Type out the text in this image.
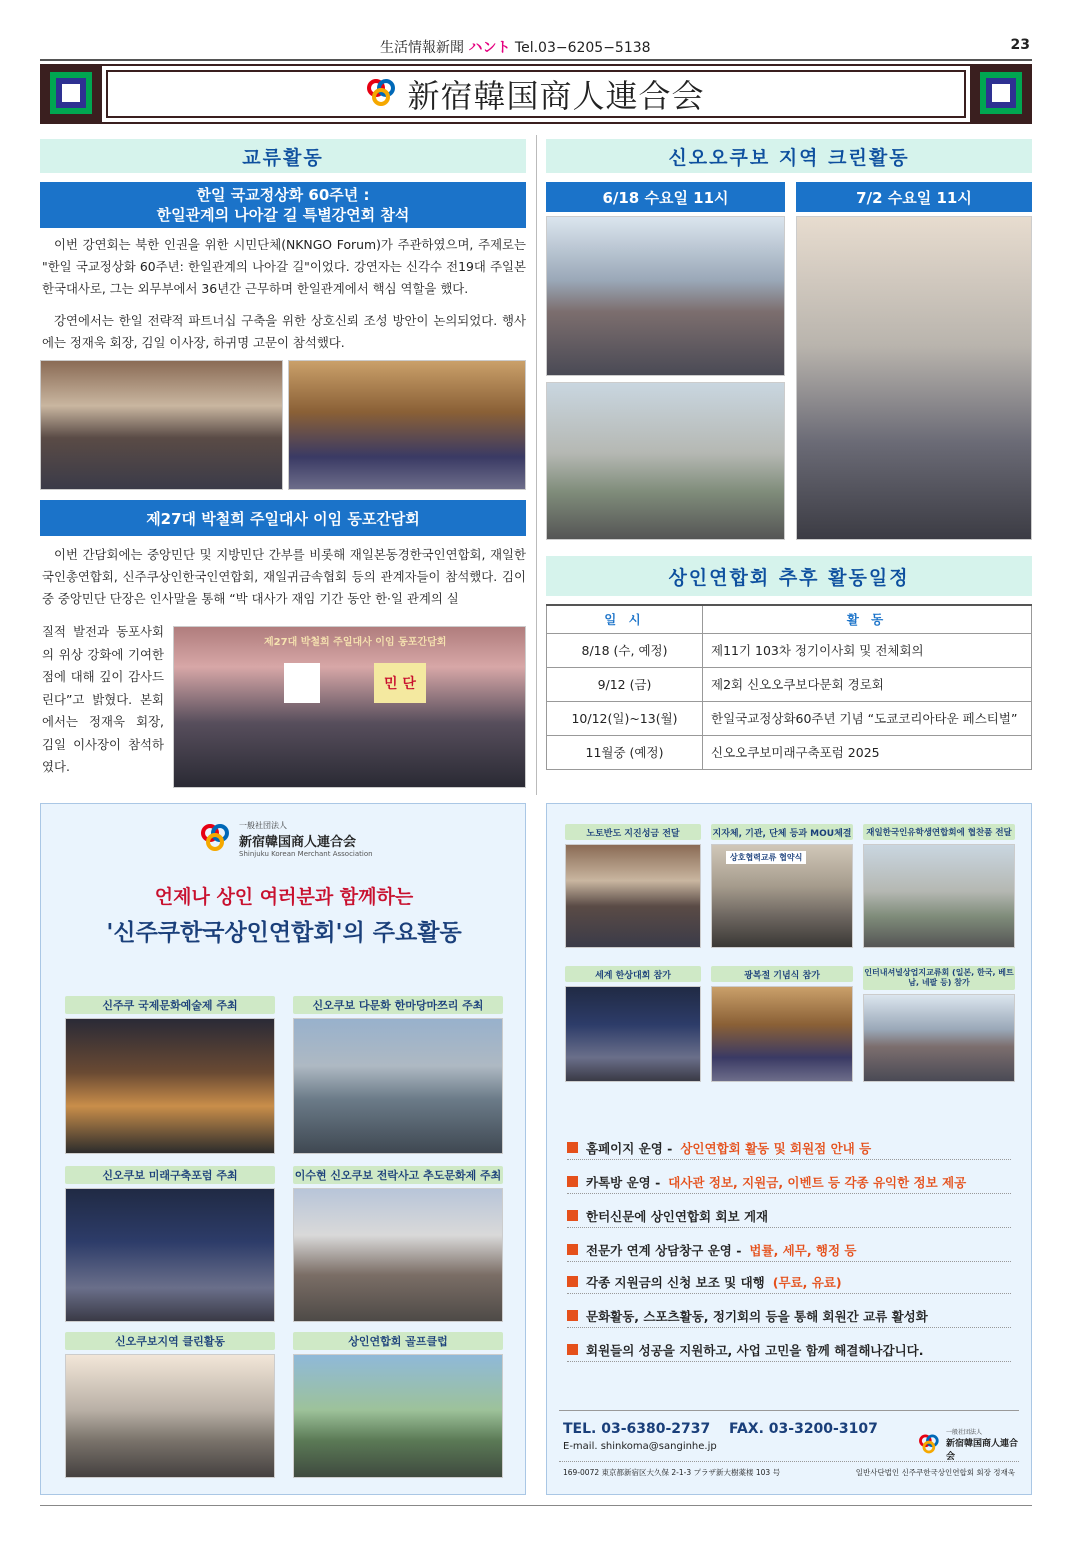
生活情報新聞 ハント Tel.03−6205−5138	23
新宿韓国商人連合会
교류활동
한일 국교정상화 60주년 :
한일관계의 나아갈 길 특별강연회 참석
이번 강연회는 북한 인권을 위한 시민단체(NKNGO Forum)가 주관하였으며, 주제로는 "한일 국교정상화 60주년: 한일관계의 나아갈 길"이었다. 강연자는 신각수 전19대 주일본 한국대사로, 그는 외무부에서 36년간 근무하며 한일관계에서 핵심 역할을 했다.
강연에서는 한일 전략적 파트너십 구축을 위한 상호신뢰 조성 방안이 논의되었다. 행사에는 정재욱 회장, 김일 이사장, 하귀명 고문이 참석했다.
제27대 박철희 주일대사 이임 동포간담회
이번 간담회에는 중앙민단 및 지방민단 간부를 비롯해 재일본동경한국인연합회, 재일한국인총연합회, 신주쿠상인한국인연합회, 재일귀금속협회 등의 관계자들이 참석했다. 김이중 중앙민단 단장은 인사말을 통해 “박 대사가 재임 기간 동안 한·일 관계의 실
질적 발전과 동포사회의 위상 강화에 기여한 점에 대해 깊이 감사드린다”고 밝혔다. 본회에서는 정재욱 회장, 김일 이사장이 참석하였다.
제27대 박철희 주일대사 이임 동포간담회
민 단
신오오쿠보 지역 크린활동
6/18 수요일 11시	7/2 수요일 11시
상인연합회 추후 활동일정
일 시	활 동
8/18 (수, 예정)	제11기 103차 정기이사회 및 전체회의
9/12 (금)	제2회 신오오쿠보다문회 경로회
10/12(일)~13(월)	한일국교정상화60주년 기념 “도쿄코리아타운 페스티벌”
11월중 (예정)	신오오쿠보미래구축포럼 2025
一般社団法人
新宿韓国商人連合会
Shinjuku Korean Merchant Association
언제나 상인 여러분과 함께하는
'신주쿠한국상인연합회'의 주요활동
신주쿠 국제문화예술제 주최	신오쿠보 다문화 한마당마쯔리 주최
신오쿠보 미래구축포럼 주최	이수현 신오쿠보 전락사고 추도문화제 주최
신오쿠보지역 클린활동	상인연합회 골프클럽
노토반도 지진성금 전달	지자체, 기관, 단체 등과 MOU체결	재일한국인유학생연합회에 협찬품 전달
상호협력교류 협약식
세계 한상대회 참가	광복절 기념식 참가	인터내셔널상업지교류회 (일본, 한국, 베트남, 네팔 등) 참가
홈페이지 운영 - 상인연합회 활동 및 회원점 안내 등
카톡방 운영 - 대사관 정보, 지원금, 이벤트 등 각종 유익한 정보 제공
한터신문에 상인연합회 회보 게재
전문가 연계 상담창구 운영 - 법률, 세무, 행정 등
각종 지원금의 신청 보조 및 대행 (무료, 유료)
문화활동, 스포츠활동, 정기회의 등을 통해 회원간 교류 활성화
회원들의 성공을 지원하고, 사업 고민을 함께 해결해나갑니다.
TEL. 03-6380-2737 FAX. 03-3200-3107
E-mail. shinkoma@sanginhe.jp
一般社団法人
新宿韓国商人連合会
169-0072 東京都新宿区大久保 2-1-3 プラザ新大樹薬楼 103 号	일반사단법인 신주쿠한국상인연합회 회장 정재욱
